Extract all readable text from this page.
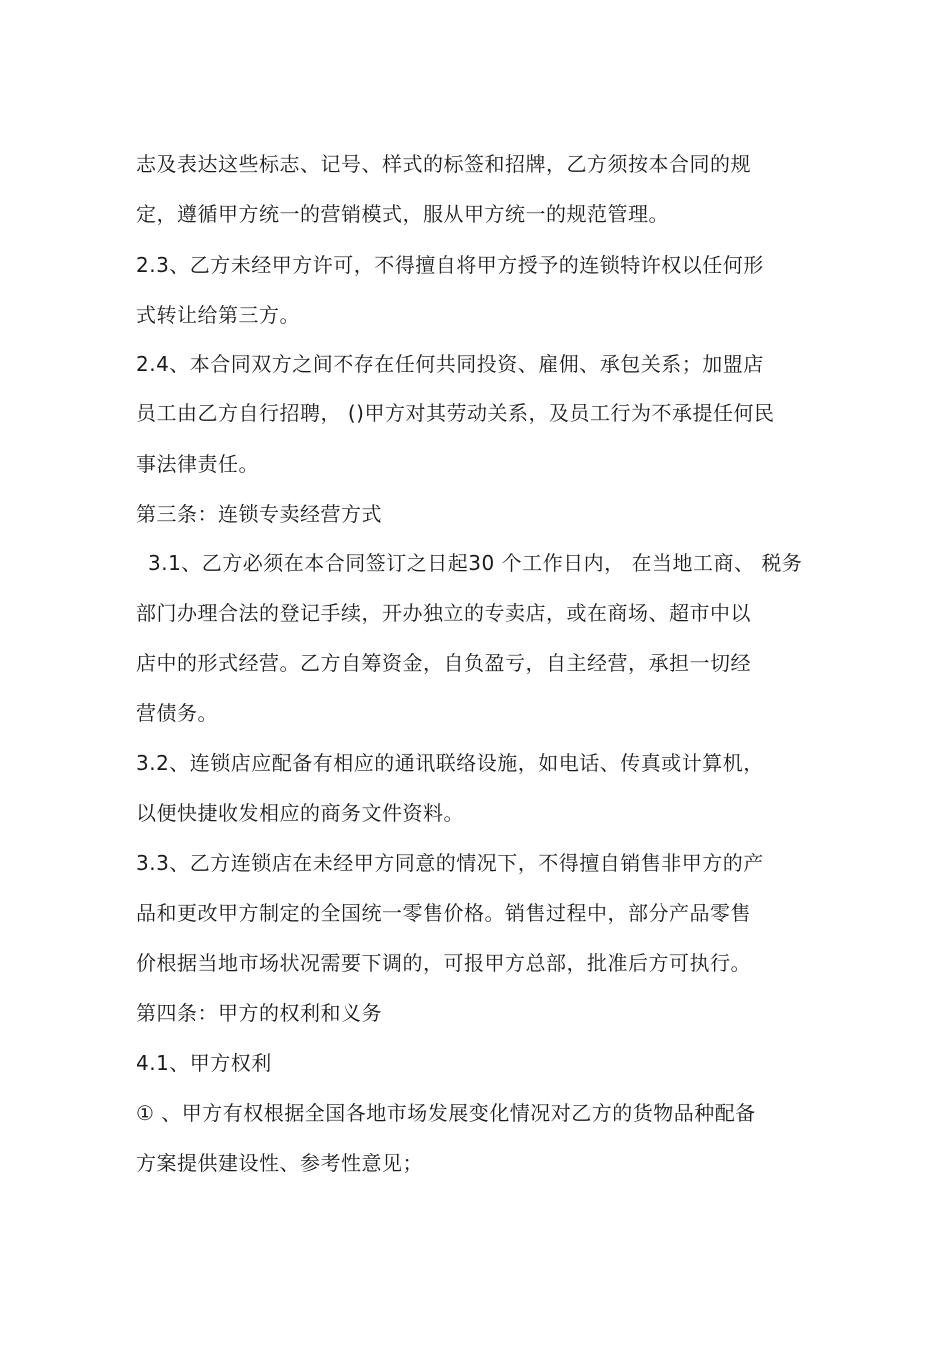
志及表达这些标志、记号、样式的标签和招牌，乙方须按本合同的规
定，遵循甲方统一的营销模式，服从甲方统一的规范管理。
2.3、乙方未经甲方许可，不得擅自将甲方授予的连锁特许权以任何形
式转让给第三方。
2.4、本合同双方之间不存在任何共同投资、雇佣、承包关系；加盟店
员工由乙方自行招聘， ()甲方对其劳动关系，及员工行为不承提任何民
事法律责任。
第三条：连锁专卖经营方式
3.1、乙方必须在本合同签订之日起30 个工作日内， 在当地工商、 税务
部门办理合法的登记手续，开办独立的专卖店，或在商场、超市中以
店中的形式经营。乙方自筹资金，自负盈亏，自主经营，承担一切经
营债务。
3.2、连锁店应配备有相应的通讯联络设施，如电话、传真或计算机，
以便快捷收发相应的商务文件资料。
3.3、乙方连锁店在未经甲方同意的情况下，不得擅自销售非甲方的产
品和更改甲方制定的全国统一零售价格。销售过程中，部分产品零售
价根据当地市场状况需要下调的，可报甲方总部，批准后方可执行。
第四条：甲方的权利和义务
4.1、甲方权利
① 、甲方有权根据全国各地市场发展变化情况对乙方的货物品种配备
方案提供建设性、参考性意见；
